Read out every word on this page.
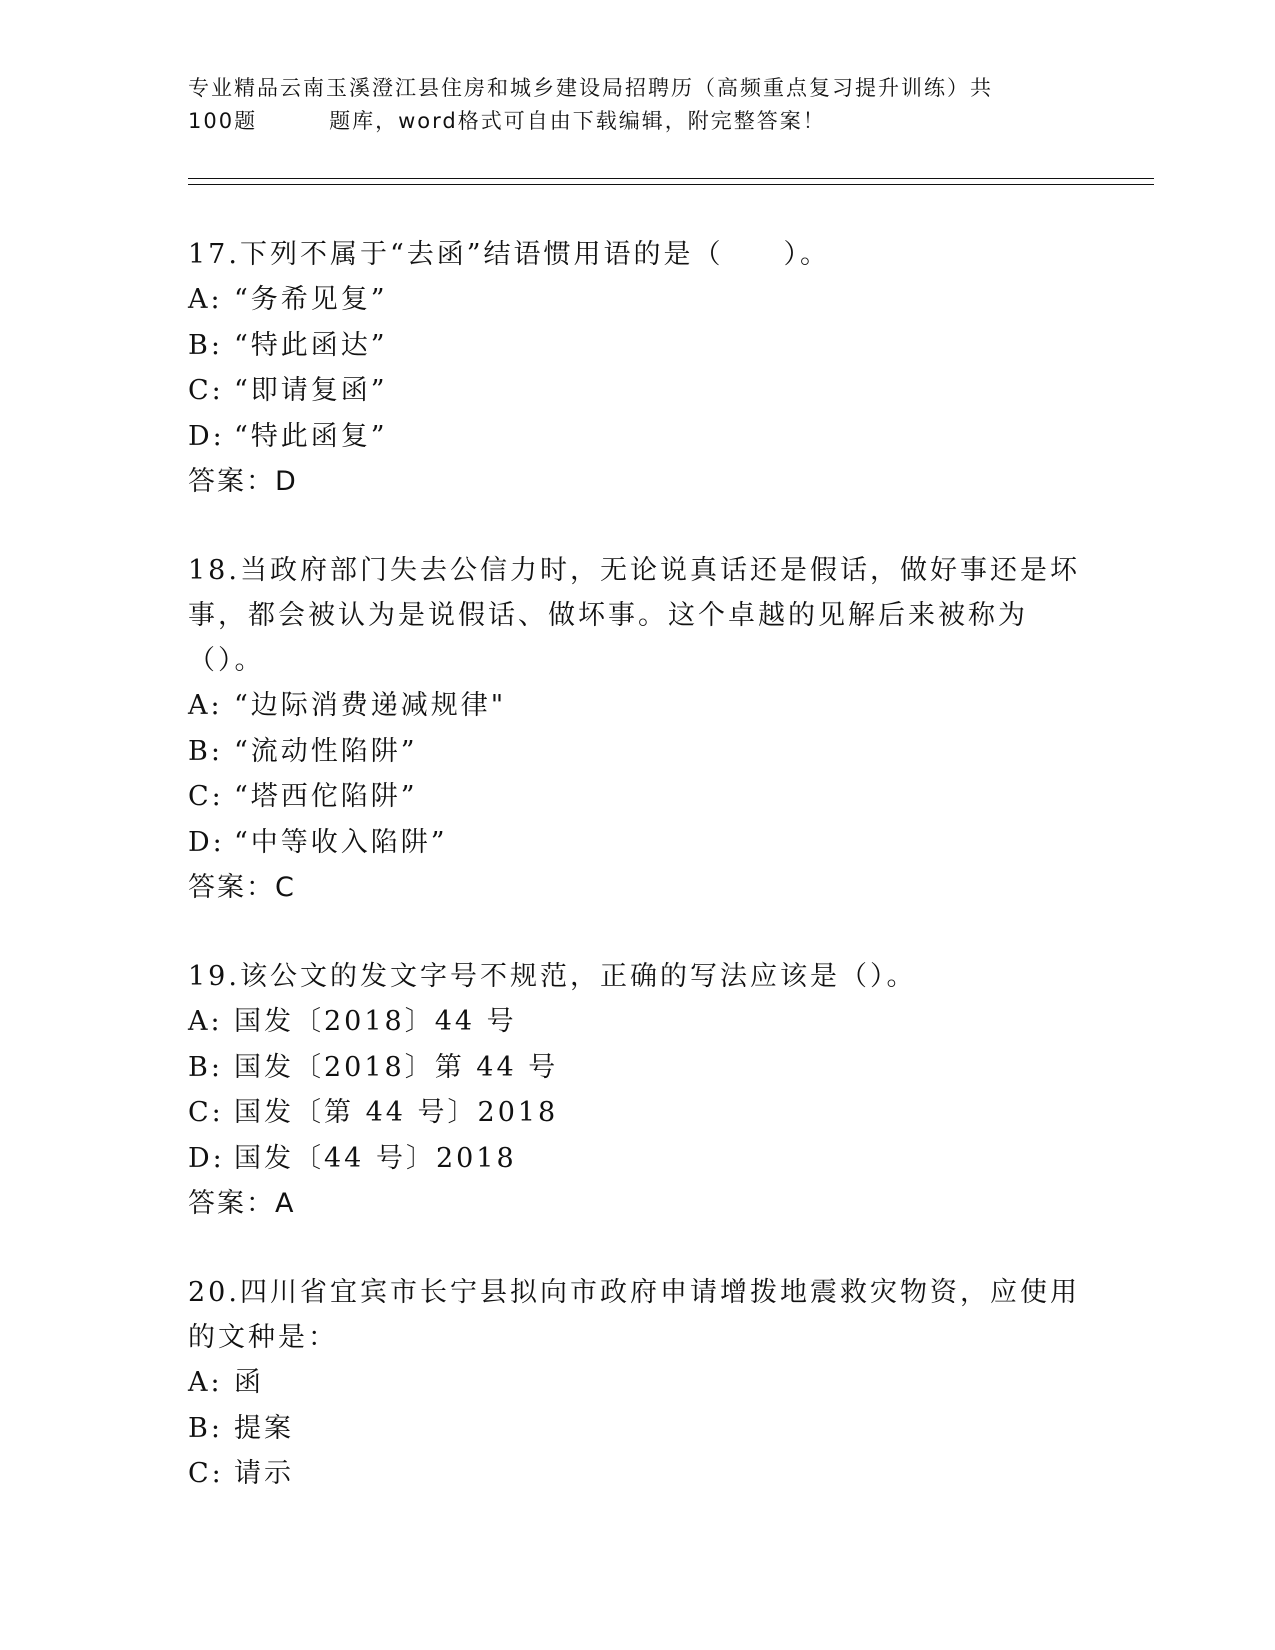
专业精品云南玉溪澄江县住房和城乡建设局招聘历（高频重点复习提升训练）共
100题	题库，word格式可自由下载编辑，附完整答案！

17.下列不属于“去函”结语惯用语的是（　　）。

A: “务希见复”
B: “特此函达”
C: “即请复函”
D: “特此函复”
答案：D

18.当政府部门失去公信力时，无论说真话还是假话，做好事还是坏事，都会被认为是说假话、做坏事。这个卓越的见解后来被称为（）。

A: “边际消费递减规律"
B: “流动性陷阱”
C: “塔西佗陷阱”
D: “中等收入陷阱”
答案：C

19.该公文的发文字号不规范，正确的写法应该是（）。

A: 国发〔2018〕44 号
B: 国发〔2018〕第 44 号
C: 国发〔第 44 号〕2018
D: 国发〔44 号〕2018
答案：A

20.四川省宜宾市长宁县拟向市政府申请增拨地震救灾物资，应使用的文种是：

A: 函
B: 提案
C: 请示
